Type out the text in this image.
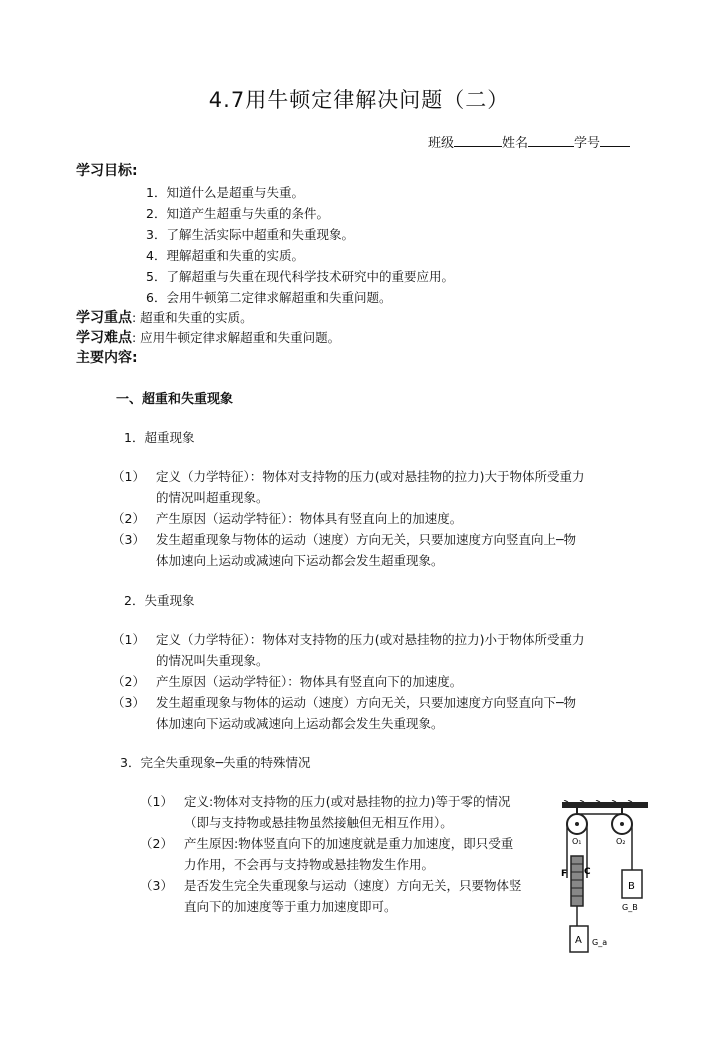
4.7用牛顿定律解决问题（二）
班级	姓名	学号
学习目标:
1．知道什么是超重与失重。
2．知道产生超重与失重的条件。
3．了解生活实际中超重和失重现象。
4．理解超重和失重的实质。
5．了解超重与失重在现代科学技术研究中的重要应用。
6．会用牛顿第二定律求解超重和失重问题。
学习重点: 超重和失重的实质。
学习难点: 应用牛顿定律求解超重和失重问题。
主要内容:
一、超重和失重现象
1．超重现象
（1） 定义（力学特征）：物体对支持物的压力(或对悬挂物的拉力)大于物体所受重力
的情况叫超重现象。
（2） 产生原因（运动学特征）：物体具有竖直向上的加速度。
（3） 发生超重现象与物体的运动（速度）方向无关，只要加速度方向竖直向上─物
体加速向上运动或减速向下运动都会发生超重现象。
2．失重现象
（1） 定义（力学特征）：物体对支持物的压力(或对悬挂物的拉力)小于物体所受重力
的情况叫失重现象。
（2） 产生原因（运动学特征）：物体具有竖直向下的加速度。
（3） 发生超重现象与物体的运动（速度）方向无关，只要加速度方向竖直向下─物
体加速向下运动或减速向上运动都会发生失重现象。
3．完全失重现象─失重的特殊情况
（1） 定义:物体对支持物的压力(或对悬挂物的拉力)等于零的情况
（即与支持物或悬挂物虽然接触但无相互作用）。
（2） 产生原因:物体竖直向下的加速度就是重力加速度，即只受重
力作用，不会再与支持物或悬挂物发生作用。
（3） 是否发生完全失重现象与运动（速度）方向无关，只要物体竖
直向下的加速度等于重力加速度即可。
O₁	O₂
C
F
B
G_B
A G_a
